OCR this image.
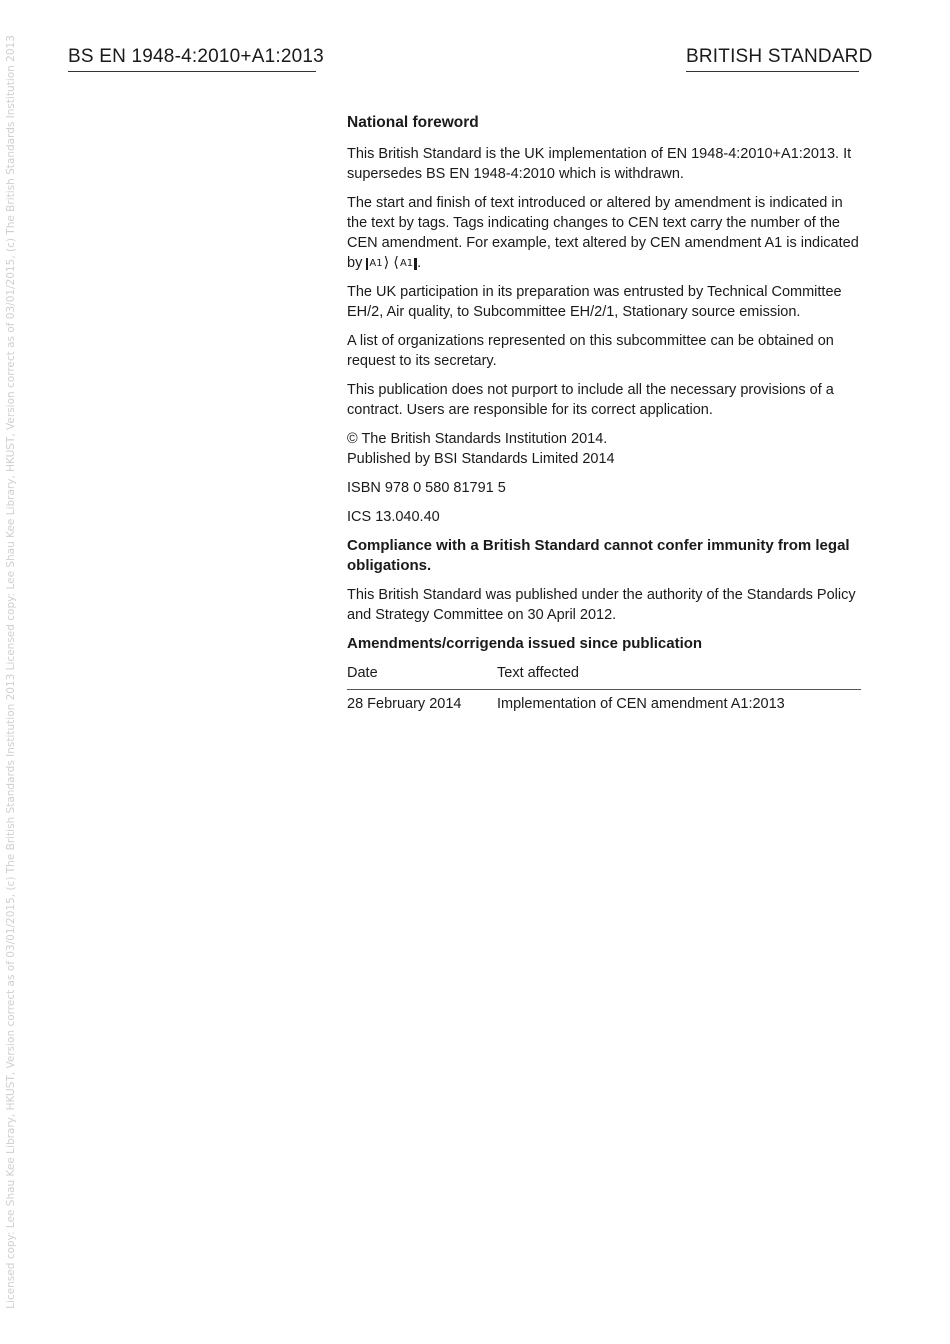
Licensed copy: Lee Shau Kee Library, HKUST, Version correct as of 03/01/2015, (c) The British Standards Institution 2013 Licensed copy: Lee Shau Kee Library, HKUST, Version correct as of 03/01/2015, (c) The British Standards Institution 2013	BS EN 1948-4:2010+A1:2013	BRITISH STANDARD
National foreword

This British Standard is the UK implementation of EN 1948-4:2010+A1:2013. It supersedes BS EN 1948-4:2010 which is withdrawn.

The start and finish of text introduced or altered by amendment is indicated in the text by tags. Tags indicating changes to CEN text carry the number of the CEN amendment. For example, text altered by CEN amendment A1 is indicated by A1⟩ ⟨A1 .

The UK participation in its preparation was entrusted by Technical Committee EH/2, Air quality, to Subcommittee EH/2/1, Stationary source emission.

A list of organizations represented on this subcommittee can be obtained on request to its secretary.

This publication does not purport to include all the necessary provisions of a contract. Users are responsible for its correct application.

© The British Standards Institution 2014.
Published by BSI Standards Limited 2014

ISBN 978 0 580 81791 5

ICS 13.040.40

Compliance with a British Standard cannot confer immunity from legal obligations.

This British Standard was published under the authority of the Standards Policy and Strategy Committee on 30 April 2012.

Amendments/corrigenda issued since publication
Date	Text affected
28 February 2014	Implementation of CEN amendment A1:2013
